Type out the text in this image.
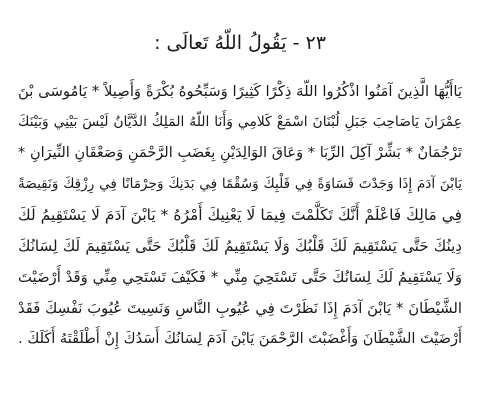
٢٣ - يَقُولُ اللّهُ تَعالَى :
يَاأَيُّهَا الَّذِينَ آمَنُوا اذْكُرُوا اللّهَ ذِكْرًا كَثِيرًا وَسَبِّحُوهُ بُكْرَةً وَأَصِيلاً * يَامُوسَى بْنَ
عِمْرَانَ يَاصَاحِبَ جَبَلِ لُبْنَانَ اسْمَعْ كَلامِي وَأَنَا اللّهُ المَلِكُ الدَّيَّانُ لَيْسَ بَيْنِي وَبَيْنَكَ
تَرْجُمَانٌ * بَشِّرْ آكِلَ الرِّبَا * وَعَاقَ الوَالِدَيْنِ بِغَضَبِ الرَّحْمَنِ وَصَعْقَانِ النِّيرَانِ *
يَابْنَ آدَمَ إِذَا وَجَدْتَ قَسَاوَةً فِي قَلْبِكَ وَسُقْمًا فِي بَدَنِكَ وَحِرْمَانًا فِي رِزْقِكَ وَنَقِيصَةً
فِي مَالِكَ فَاعْلَمْ أَنَّكَ تَكَلَّمْتَ فِيمَا لَا يَعْنِيكَ أَمْرُهُ * يَابْنَ آدَمَ لَا يَسْتَقِيمُ لَكَ
دِينُكَ حَتَّى يَسْتَقِيمَ لَكَ قَلْبُكَ وَلَا يَسْتَقِيمُ لَكَ قَلْبُكَ حَتَّى يَسْتَقِيمَ لَكَ لِسَانُكَ
وَلَا يَسْتَقِيمُ لَكَ لِسَانُكَ حَتَّى تَسْتَحِيَ مِنِّي * فَكَيْفَ تَسْتَحِي مِنِّي وَقَدْ أَرْضَيْتَ
الشَّيْطَانَ * يَابْنَ آدَمَ إِذَا نَظَرْتَ فِي عُيُوبِ النَّاسِ وَنَسِيتَ عُيُوبَ نَفْسِكَ فَقَدْ
أَرْضَيْتَ الشَّيْطَانَ وَأَغْضَبْتَ الرَّحْمَنَ يَابْنَ آدَمَ لِسَانُكَ أَسَدُكَ إِنْ أَطْلَقْتَهُ أَكَلَكَ .
